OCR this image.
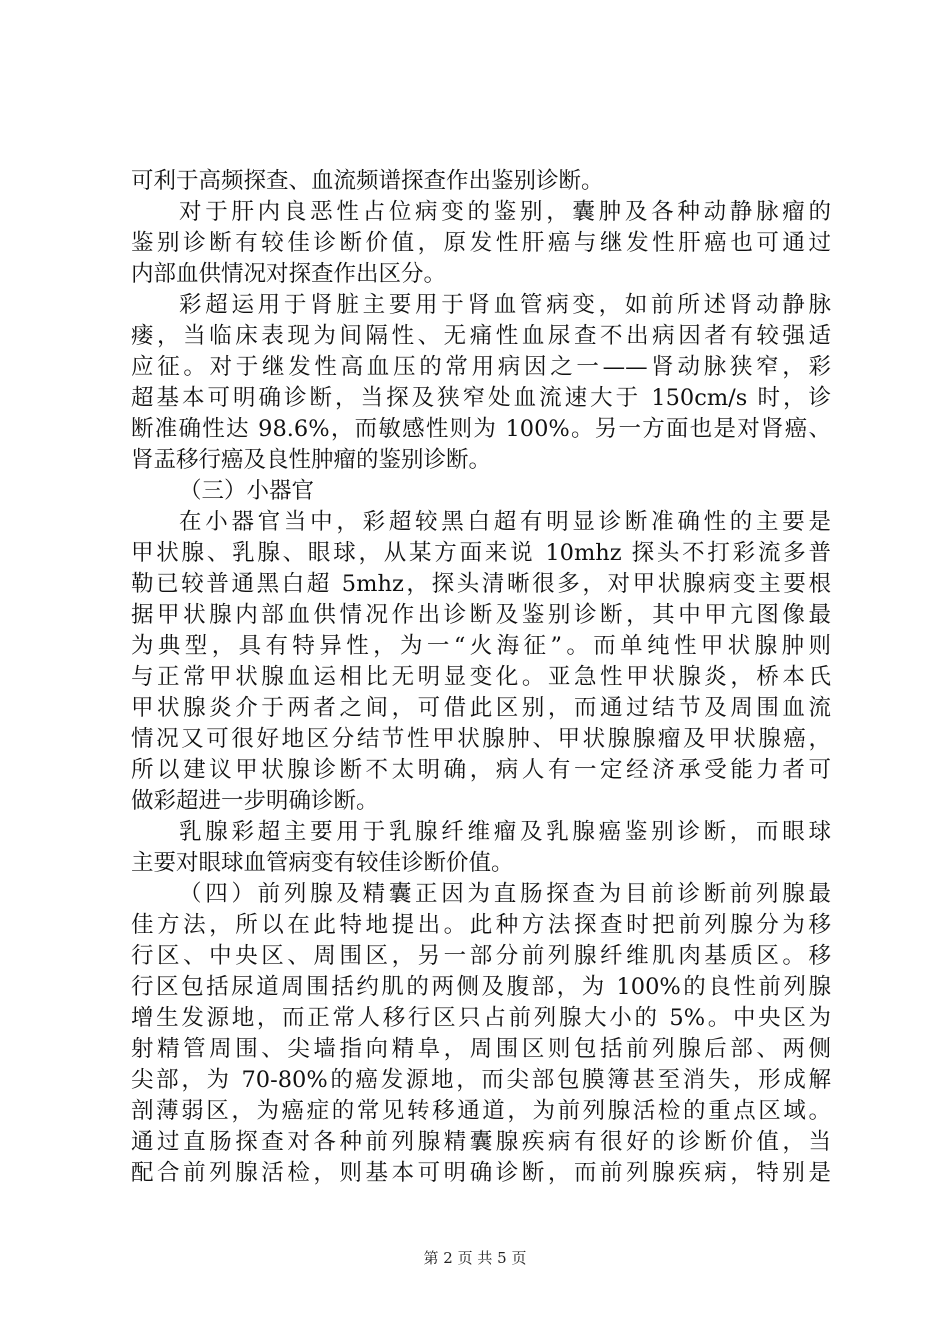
可利于高频探查、血流频谱探查作出鉴别诊断。
对于肝内良恶性占位病变的鉴别，囊肿及各种动静脉瘤的
鉴别诊断有较佳诊断价值，原发性肝癌与继发性肝癌也可通过
内部血供情况对探查作出区分。
彩超运用于肾脏主要用于肾血管病变，如前所述肾动静脉
瘘，当临床表现为间隔性、无痛性血尿查不出病因者有较强适
应征。对于继发性高血压的常用病因之一——肾动脉狭窄，彩
超基本可明确诊断，当探及狭窄处血流速大于 150cm/s 时，诊
断准确性达 98.6%，而敏感性则为 100%。另一方面也是对肾癌、
肾盂移行癌及良性肿瘤的鉴别诊断。
（三）小器官
在小器官当中，彩超较黑白超有明显诊断准确性的主要是
甲状腺、乳腺、眼球，从某方面来说 10mhz 探头不打彩流多普
勒已较普通黑白超 5mhz，探头清晰很多，对甲状腺病变主要根
据甲状腺内部血供情况作出诊断及鉴别诊断，其中甲亢图像最
为典型，具有特异性，为一“火海征”。而单纯性甲状腺肿则
与正常甲状腺血运相比无明显变化。亚急性甲状腺炎，桥本氏
甲状腺炎介于两者之间，可借此区别，而通过结节及周围血流
情况又可很好地区分结节性甲状腺肿、甲状腺腺瘤及甲状腺癌，
所以建议甲状腺诊断不太明确，病人有一定经济承受能力者可
做彩超进一步明确诊断。
乳腺彩超主要用于乳腺纤维瘤及乳腺癌鉴别诊断，而眼球
主要对眼球血管病变有较佳诊断价值。
（四）前列腺及精囊正因为直肠探查为目前诊断前列腺最
佳方法，所以在此特地提出。此种方法探查时把前列腺分为移
行区、中央区、周围区，另一部分前列腺纤维肌肉基质区。移
行区包括尿道周围括约肌的两侧及腹部，为 100%的良性前列腺
增生发源地，而正常人移行区只占前列腺大小的 5%。中央区为
射精管周围、尖墙指向精阜，周围区则包括前列腺后部、两侧
尖部，为 70-80%的癌发源地，而尖部包膜簿甚至消失，形成解
剖薄弱区，为癌症的常见转移通道，为前列腺活检的重点区域。
通过直肠探查对各种前列腺精囊腺疾病有很好的诊断价值，当
配合前列腺活检，则基本可明确诊断，而前列腺疾病，特别是
第 2 页 共 5 页
